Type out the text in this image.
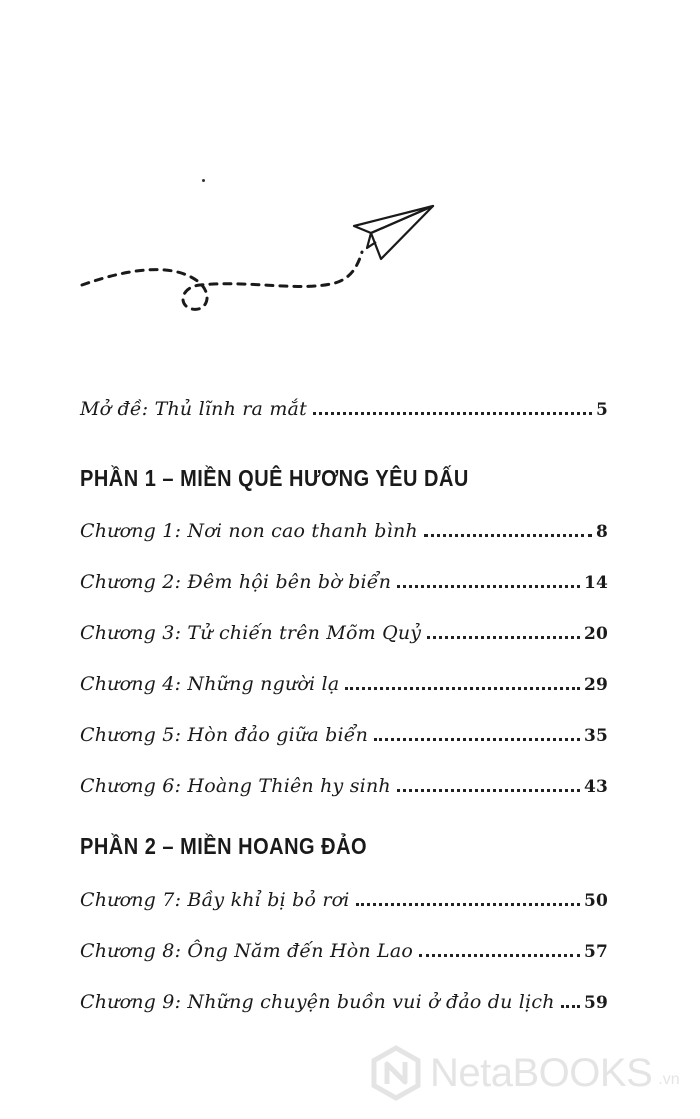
Mở đề: Thủ lĩnh ra mắt	5
PHẦN 1 – MIỀN QUÊ HƯƠNG YÊU DẤU
Chương 1: Nơi non cao thanh bình	8
Chương 2: Đêm hội bên bờ biển	14
Chương 3: Tử chiến trên Mõm Quỷ	20
Chương 4: Những người lạ	29
Chương 5: Hòn đảo giữa biển	35
Chương 6: Hoàng Thiên hy sinh	43
PHẦN 2 – MIỀN HOANG ĐẢO
Chương 7: Bầy khỉ bị bỏ rơi	50
Chương 8: Ông Năm đến Hòn Lao	57
Chương 9: Những chuyện buồn vui ở đảo du lịch 59
NetaBOOKS .vn
